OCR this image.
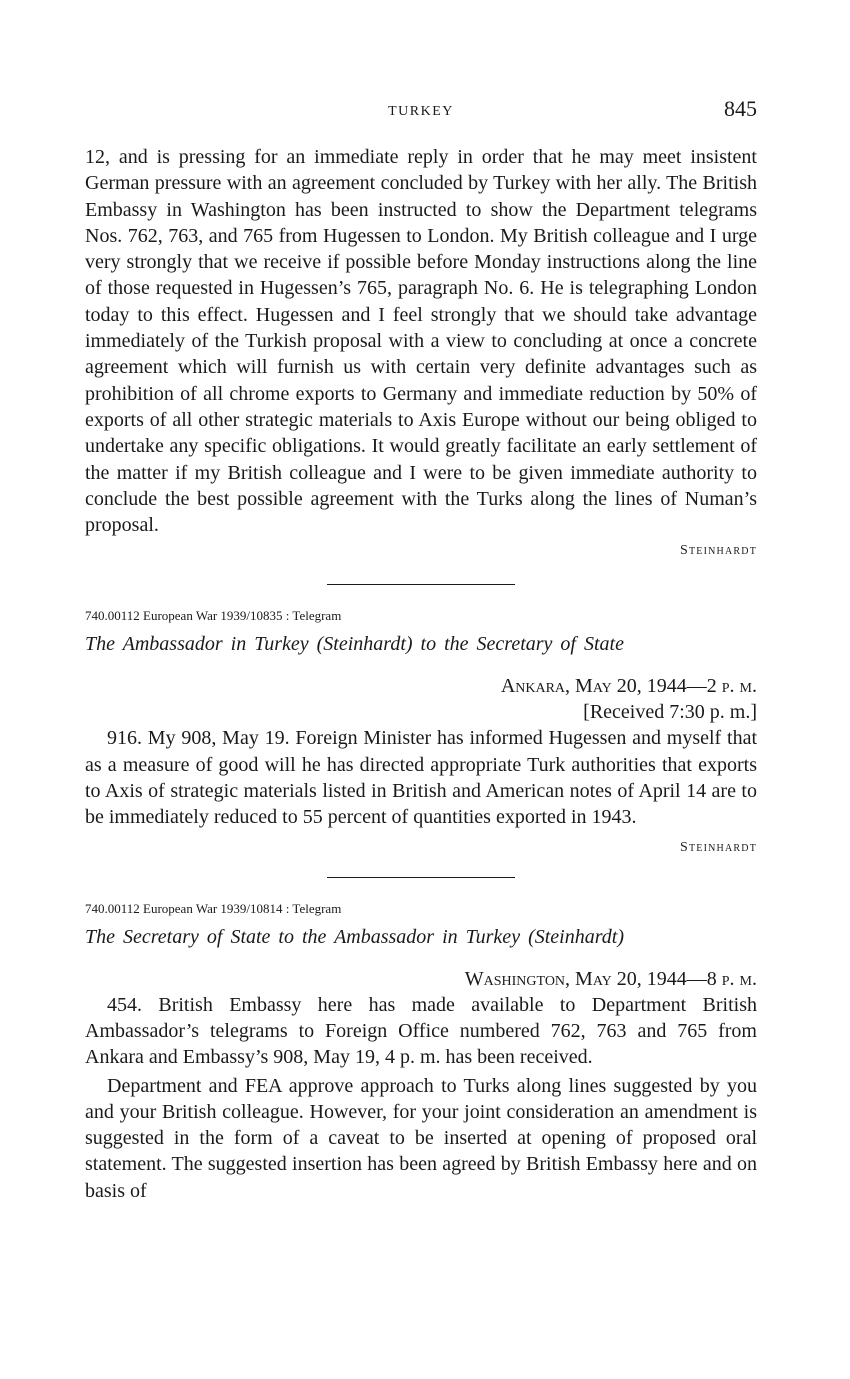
TURKEY	845

12, and is pressing for an immediate reply in order that he may meet insistent German pressure with an agreement concluded by Turkey with her ally. The British Embassy in Washington has been instructed to show the Department telegrams Nos. 762, 763, and 765 from Hugessen to London. My British colleague and I urge very strongly that we receive if possible before Monday instructions along the line of those requested in Hugessen’s 765, paragraph No. 6. He is telegraphing London today to this effect. Hugessen and I feel strongly that we should take advantage immediately of the Turkish proposal with a view to concluding at once a concrete agreement which will furnish us with certain very definite advantages such as prohibition of all chrome exports to Germany and immediate reduction by 50% of exports of all other strategic materials to Axis Europe without our being obliged to undertake any specific obligations. It would greatly facilitate an early settlement of the matter if my British colleague and I were to be given immediate authority to conclude the best possible agreement with the Turks along the lines of Numan’s proposal.

Steinhardt

740.00112 European War 1939/10835 : Telegram
The Ambassador in Turkey (Steinhardt) to the Secretary of State
Ankara, May 20, 1944—2 p. m.
[Received 7:30 p. m.]

916. My 908, May 19. Foreign Minister has informed Hugessen and myself that as a measure of good will he has directed appropriate Turk authorities that exports to Axis of strategic materials listed in British and American notes of April 14 are to be immediately reduced to 55 percent of quantities exported in 1943.

Steinhardt

740.00112 European War 1939/10814 : Telegram
The Secretary of State to the Ambassador in Turkey (Steinhardt)
Washington, May 20, 1944—8 p. m.

454. British Embassy here has made available to Department British Ambassador’s telegrams to Foreign Office numbered 762, 763 and 765 from Ankara and Embassy’s 908, May 19, 4 p. m. has been received.

Department and FEA approve approach to Turks along lines suggested by you and your British colleague. However, for your joint consideration an amendment is suggested in the form of a caveat to be inserted at opening of proposed oral statement. The suggested insertion has been agreed by British Embassy here and on basis of
